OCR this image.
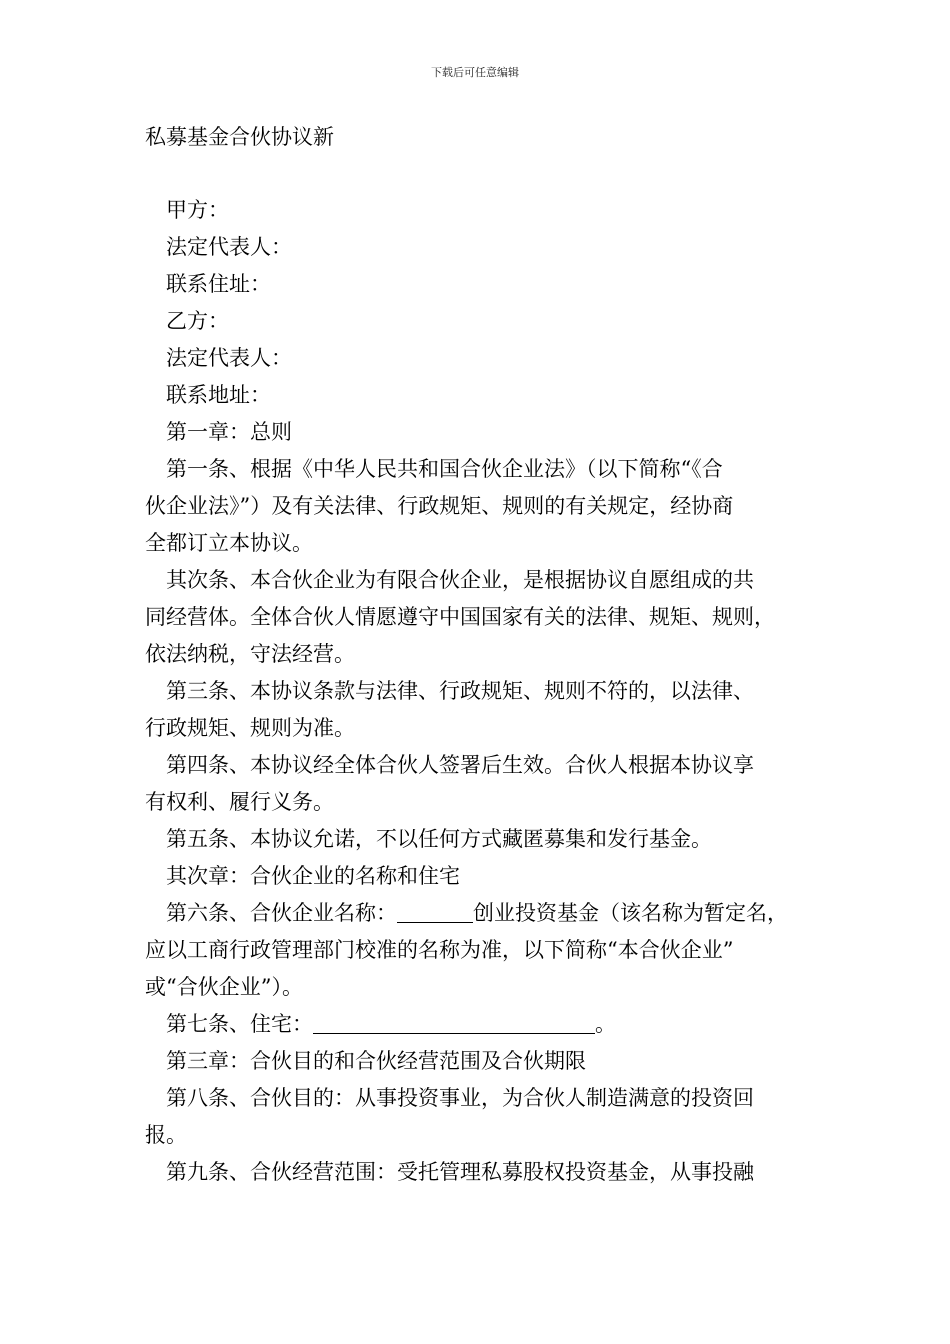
下载后可任意编辑
私募基金合伙协议新
甲方：
法定代表人：
联系住址：
乙方：
法定代表人：
联系地址：
第一章：总则
第一条、根据《中华人民共和国合伙企业法》（以下简称“《合
伙企业法》”）及有关法律、行政规矩、规则的有关规定，经协商
全都订立本协议。
其次条、本合伙企业为有限合伙企业，是根据协议自愿组成的共
同经营体。全体合伙人情愿遵守中国国家有关的法律、规矩、规则，
依法纳税，守法经营。
第三条、本协议条款与法律、行政规矩、规则不符的，以法律、
行政规矩、规则为准。
第四条、本协议经全体合伙人签署后生效。合伙人根据本协议享
有权利、履行义务。
第五条、本协议允诺，不以任何方式藏匿募集和发行基金。
其次章：合伙企业的名称和住宅
第六条、合伙企业名称：	创业投资基金（该名称为暂定名，
应以工商行政管理部门校准的名称为准，以下简称“本合伙企业”
或“合伙企业”）。
第七条、住宅：	。
第三章：合伙目的和合伙经营范围及合伙期限
第八条、合伙目的：从事投资事业，为合伙人制造满意的投资回
报。
第九条、合伙经营范围：受托管理私募股权投资基金，从事投融
